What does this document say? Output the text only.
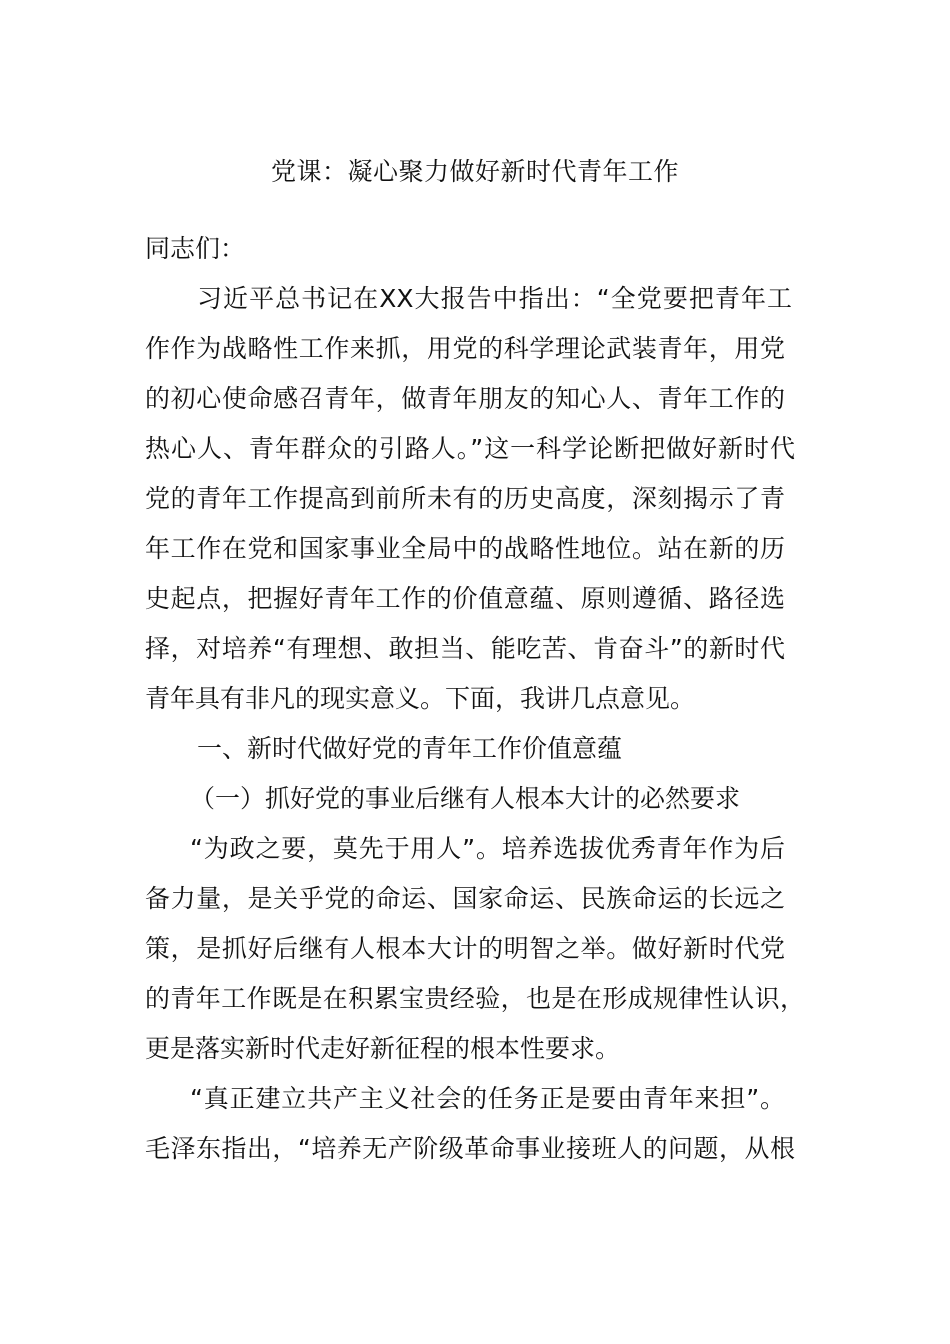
党课：凝心聚力做好新时代青年工作
同志们：
习近平总书记在XX大报告中指出：“全党要把青年工
作作为战略性工作来抓，用党的科学理论武装青年，用党
的初心使命感召青年，做青年朋友的知心人、青年工作的
热心人、青年群众的引路人。”这一科学论断把做好新时代
党的青年工作提高到前所未有的历史高度，深刻揭示了青
年工作在党和国家事业全局中的战略性地位。站在新的历
史起点，把握好青年工作的价值意蕴、原则遵循、路径选
择，对培养“有理想、敢担当、能吃苦、肯奋斗”的新时代
青年具有非凡的现实意义。下面，我讲几点意见。
一、新时代做好党的青年工作价值意蕴
（一）抓好党的事业后继有人根本大计的必然要求
“为政之要，莫先于用人”。培养选拔优秀青年作为后
备力量，是关乎党的命运、国家命运、民族命运的长远之
策，是抓好后继有人根本大计的明智之举。做好新时代党
的青年工作既是在积累宝贵经验，也是在形成规律性认识，
更是落实新时代走好新征程的根本性要求。
“真正建立共产主义社会的任务正是要由青年来担”。
毛泽东指出，“培养无产阶级革命事业接班人的问题，从根
